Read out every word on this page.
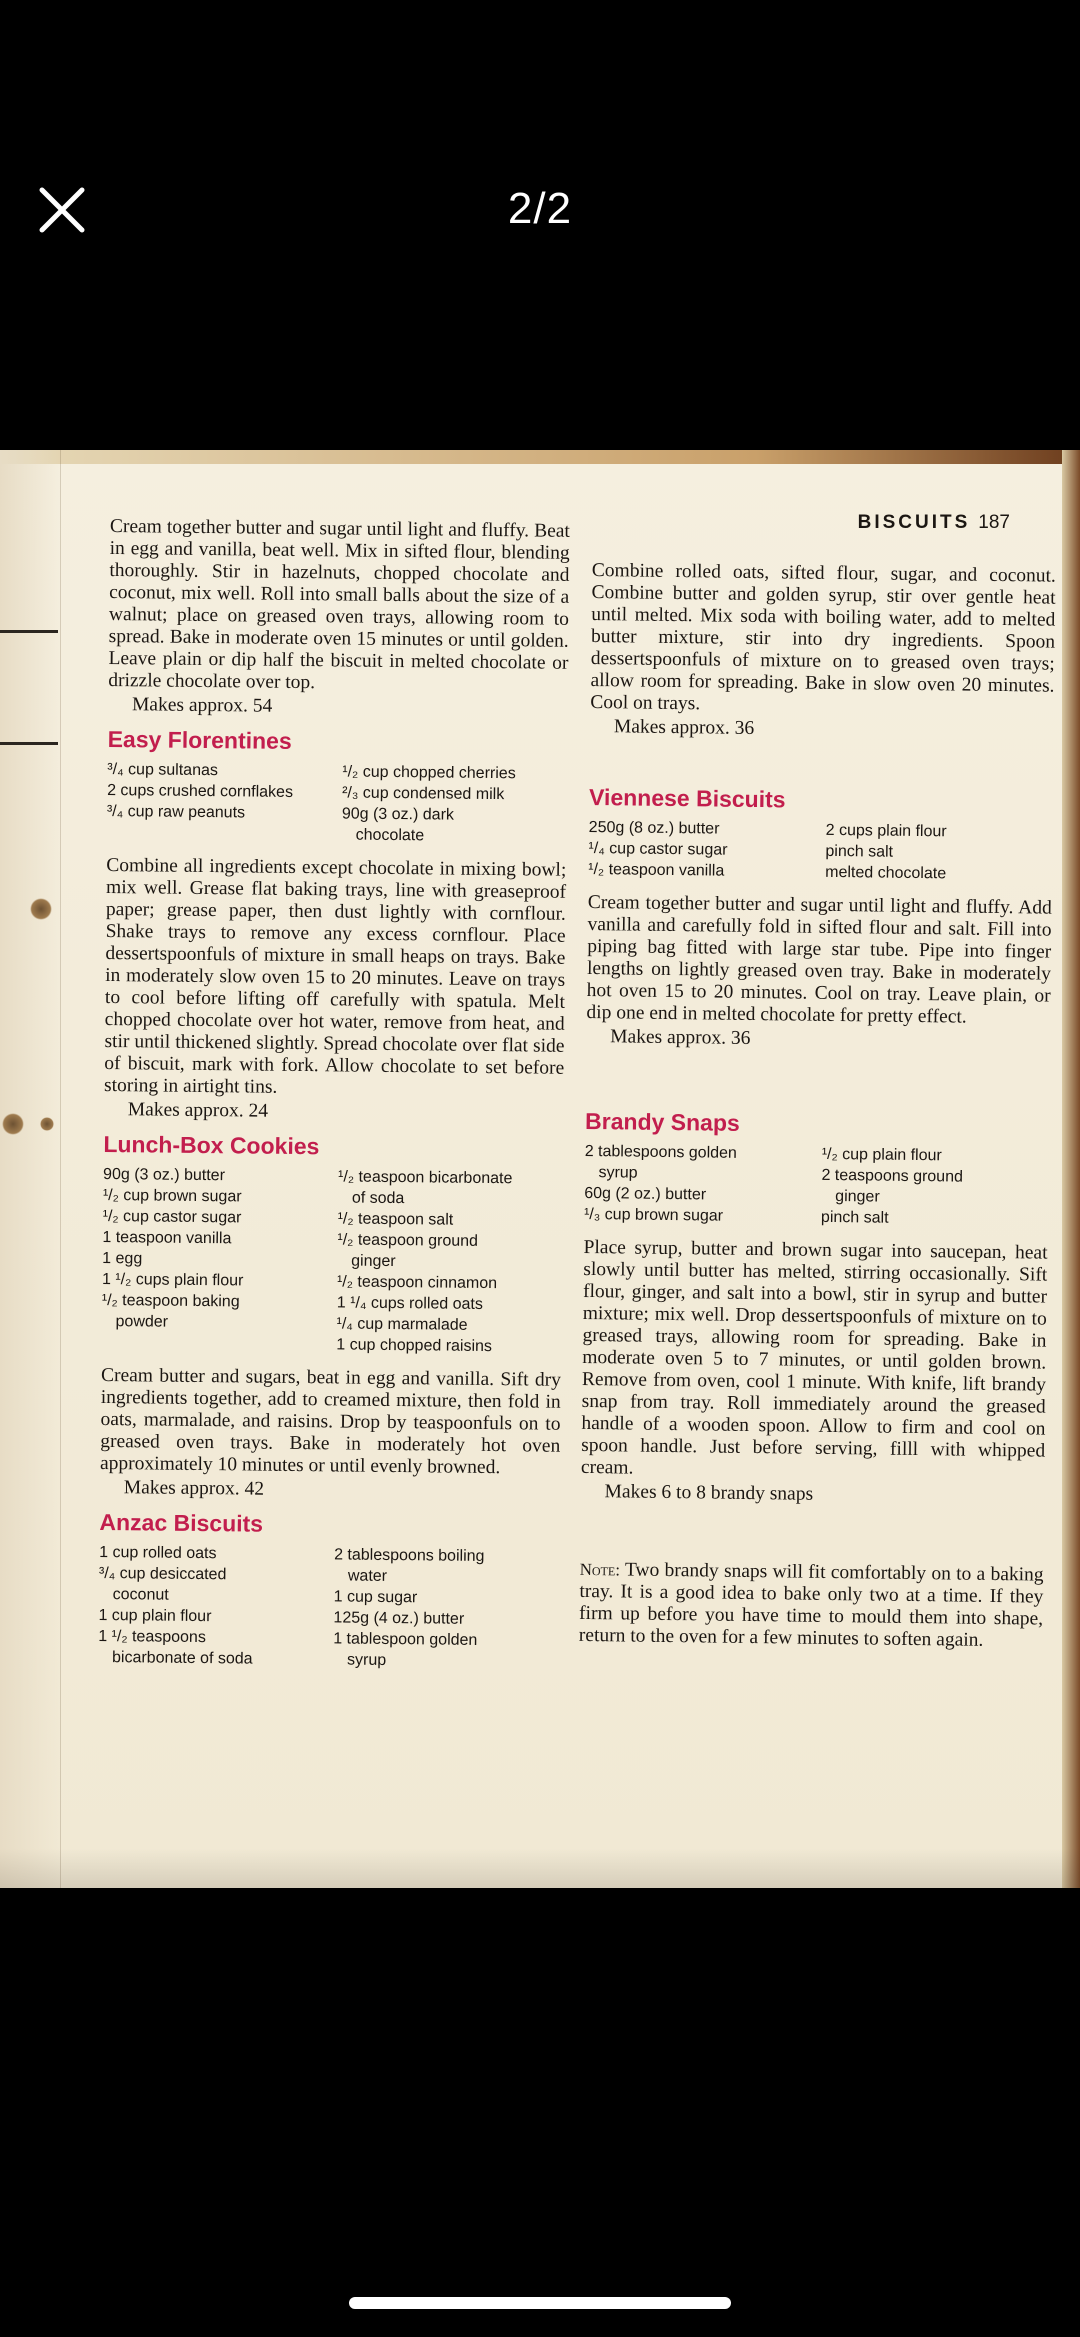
2/2
BISCUITS 187

Cream together butter and sugar until light and fluffy. Beat in egg and vanilla, beat well. Mix in sifted flour, blending thoroughly. Stir in hazelnuts, chopped chocolate and coconut, mix well. Roll into small balls about the size of a walnut; place on greased oven trays, allowing room to spread. Bake in moderate oven 15 minutes or until golden. Leave plain or dip half the biscuit in melted chocolate or drizzle chocolate over top.

Makes approx. 54

Easy Florentines
³/₄ cup sultanas
2 cups crushed cornflakes
³/₄ cup raw peanuts
¹/₂ cup chopped cherries
²/₃ cup condensed milk
90g (3 oz.) dark
chocolate

Combine all ingredients except chocolate in mixing bowl; mix well. Grease flat baking trays, line with greaseproof paper; grease paper, then dust lightly with cornflour. Shake trays to remove any excess cornflour. Place dessertspoonfuls of mixture in small heaps on trays. Bake in moderately slow oven 15 to 20 minutes. Leave on trays to cool before lifting off carefully with spatula. Melt chopped chocolate over hot water, remove from heat, and stir until thickened slightly. Spread chocolate over flat side of biscuit, mark with fork. Allow chocolate to set before storing in airtight tins.

Makes approx. 24

Lunch-Box Cookies
90g (3 oz.) butter
¹/₂ cup brown sugar
¹/₂ cup castor sugar
1 teaspoon vanilla
1 egg
1 ¹/₂ cups plain flour
¹/₂ teaspoon baking
powder
¹/₂ teaspoon bicarbonate
of soda
¹/₂ teaspoon salt
¹/₂ teaspoon ground
ginger
¹/₂ teaspoon cinnamon
1 ¹/₄ cups rolled oats
¹/₄ cup marmalade
1 cup chopped raisins

Cream butter and sugars, beat in egg and vanilla. Sift dry ingredients together, add to creamed mixture, then fold in oats, marmalade, and raisins. Drop by teaspoonfuls on to greased oven trays. Bake in moderately hot oven approximately 10 minutes or until evenly browned.

Makes approx. 42

Anzac Biscuits
1 cup rolled oats
³/₄ cup desiccated
coconut
1 cup plain flour
1 ¹/₂ teaspoons
bicarbonate of soda
2 tablespoons boiling
water
1 cup sugar
125g (4 oz.) butter
1 tablespoon golden
syrup

Combine rolled oats, sifted flour, sugar, and coconut. Combine butter and golden syrup, stir over gentle heat until melted. Mix soda with boiling water, add to melted butter mixture, stir into dry ingredients. Spoon dessertspoonfuls of mixture on to greased oven trays; allow room for spreading. Bake in slow oven 20 minutes. Cool on trays.

Makes approx. 36

Viennese Biscuits
250g (8 oz.) butter
¹/₄ cup castor sugar
¹/₂ teaspoon vanilla
2 cups plain flour
pinch salt
melted chocolate

Cream together butter and sugar until light and fluffy. Add vanilla and carefully fold in sifted flour and salt. Fill into piping bag fitted with large star tube. Pipe into finger lengths on lightly greased oven tray. Bake in moderately hot oven 15 to 20 minutes. Cool on tray. Leave plain, or dip one end in melted chocolate for pretty effect.

Makes approx. 36

Brandy Snaps
2 tablespoons golden
syrup
60g (2 oz.) butter
¹/₃ cup brown sugar
¹/₂ cup plain flour
2 teaspoons ground
ginger
pinch salt

Place syrup, butter and brown sugar into saucepan, heat slowly until butter has melted, stirring occasionally. Sift flour, ginger, and salt into a bowl, stir in syrup and butter mixture; mix well. Drop dessertspoonfuls of mixture on to greased trays, allowing room for spreading. Bake in moderate oven 5 to 7 minutes, or until golden brown. Remove from oven, cool 1 minute. With knife, lift brandy snap from tray. Roll immediately around the greased handle of a wooden spoon. Allow to firm and cool on spoon handle. Just before serving, filll with whipped cream.

Makes 6 to 8 brandy snaps

Note: Two brandy snaps will fit comfortably on to a baking tray. It is a good idea to bake only two at a time. If they firm up before you have time to mould them into shape, return to the oven for a few minutes to soften again.
